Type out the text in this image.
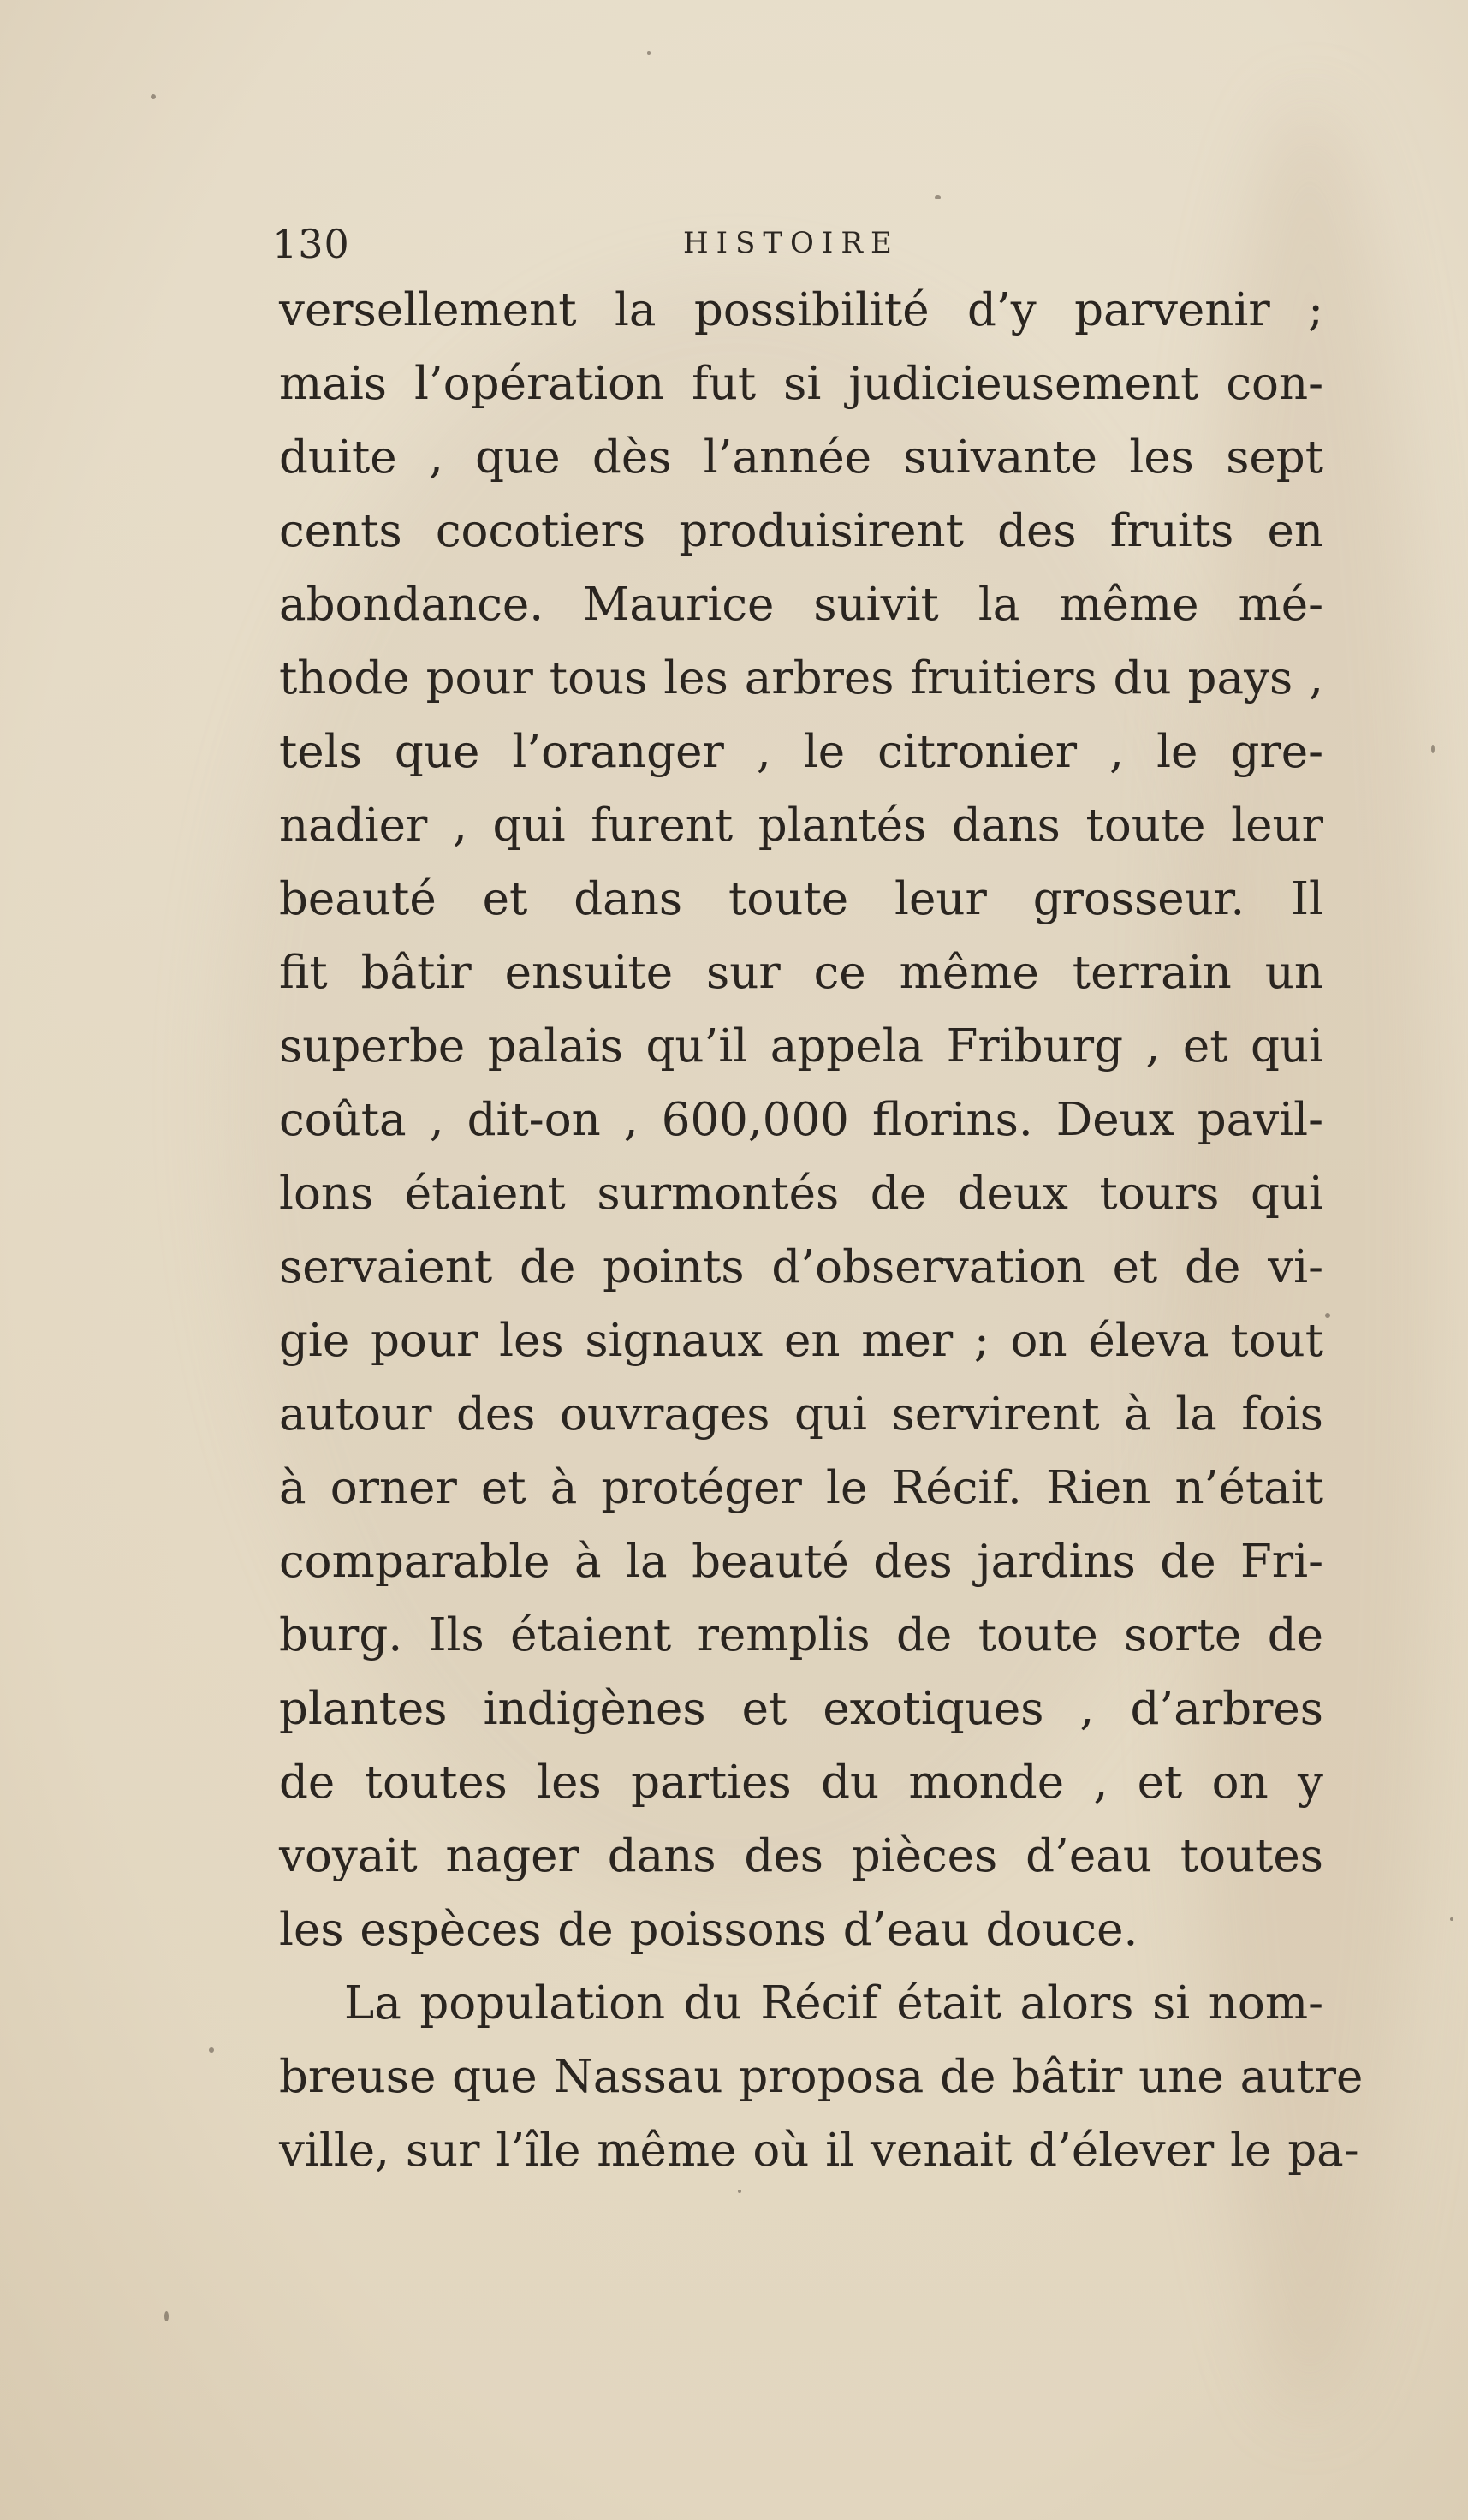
130	HISTOIRE
versellement la possibilité d’y parvenir ;
mais l’opération fut si judicieusement con-
duite , que dès l’année suivante les sept
cents cocotiers produisirent des fruits en
abondance. Maurice suivit la même mé-
thode pour tous les arbres fruitiers du pays ,
tels que l’oranger , le citronier , le gre-
nadier , qui furent plantés dans toute leur
beauté et dans toute leur grosseur. Il
fit bâtir ensuite sur ce même terrain un
superbe palais qu’il appela Friburg , et qui
coûta , dit-on , 600,000 florins. Deux pavil-
lons étaient surmontés de deux tours qui
servaient de points d’observation et de vi-
gie pour les signaux en mer ; on éleva tout
autour des ouvrages qui servirent à la fois
à orner et à protéger le Récif. Rien n’était
comparable à la beauté des jardins de Fri-
burg. Ils étaient remplis de toute sorte de
plantes indigènes et exotiques , d’arbres
de toutes les parties du monde , et on y
voyait nager dans des pièces d’eau toutes
les espèces de poissons d’eau douce.
La population du Récif était alors si nom-
breuse que Nassau proposa de bâtir une autre
ville, sur l’île même où il venait d’élever le pa-
